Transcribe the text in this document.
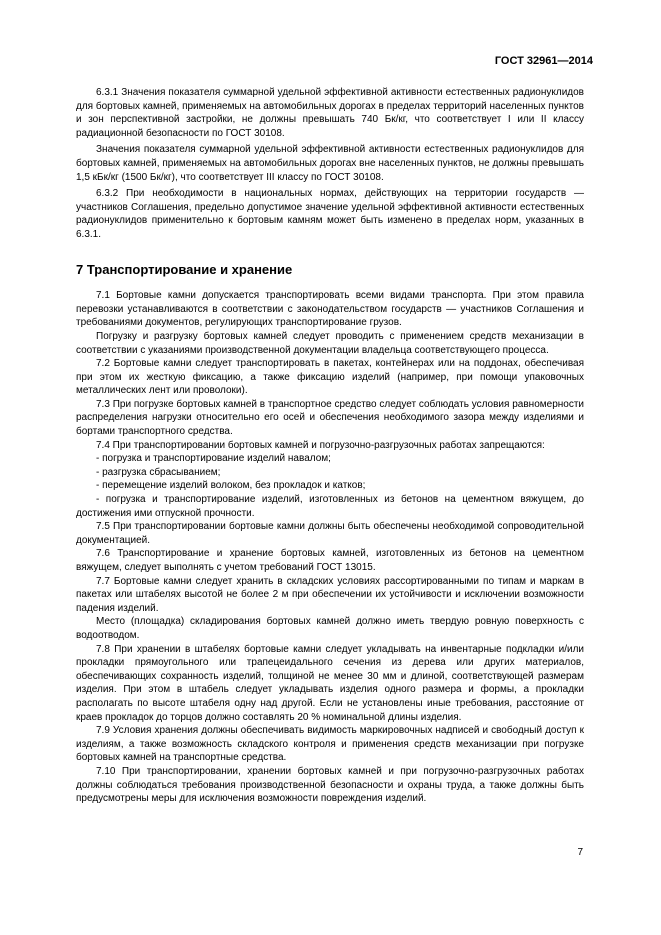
ГОСТ 32961—2014

6.3.1 Значения показателя суммарной удельной эффективной активности естественных радионуклидов для бортовых камней, применяемых на автомобильных дорогах в пределах территорий населенных пунктов и зон перспективной застройки, не должны превышать 740 Бк/кг, что соответствует I или II классу радиационной безопасности по ГОСТ 30108.

Значения показателя суммарной удельной эффективной активности естественных радионуклидов для бортовых камней, применяемых на автомобильных дорогах вне населенных пунктов, не должны превышать 1,5 кБк/кг (1500 Бк/кг), что соответствует III классу по ГОСТ 30108.

6.3.2 При необходимости в национальных нормах, действующих на территории государств — участников Соглашения, предельно допустимое значение удельной эффективной активности естественных радионуклидов применительно к бортовым камням может быть изменено в пределах норм, указанных в 6.3.1.

7 Транспортирование и хранение

7.1 Бортовые камни допускается транспортировать всеми видами транспорта. При этом правила перевозки устанавливаются в соответствии с законодательством государств — участников Соглашения и требованиями документов, регулирующих транспортирование грузов.

Погрузку и разгрузку бортовых камней следует проводить с применением средств механизации в соответствии с указаниями производственной документации владельца соответствующего процесса.

7.2 Бортовые камни следует транспортировать в пакетах, контейнерах или на поддонах, обеспечивая при этом их жесткую фиксацию, а также фиксацию изделий (например, при помощи упаковочных металлических лент или проволоки).

7.3 При погрузке бортовых камней в транспортное средство следует соблюдать условия равномерности распределения нагрузки относительно его осей и обеспечения необходимого зазора между изделиями и бортами транспортного средства.

7.4 При транспортировании бортовых камней и погрузочно-разгрузочных работах запрещаются:

- погрузка и транспортирование изделий навалом;

- разгрузка сбрасыванием;

- перемещение изделий волоком, без прокладок и катков;

- погрузка и транспортирование изделий, изготовленных из бетонов на цементном вяжущем, до достижения ими отпускной прочности.

7.5 При транспортировании бортовые камни должны быть обеспечены необходимой сопроводительной документацией.

7.6 Транспортирование и хранение бортовых камней, изготовленных из бетонов на цементном вяжущем, следует выполнять с учетом требований ГОСТ 13015.

7.7 Бортовые камни следует хранить в складских условиях рассортированными по типам и маркам в пакетах или штабелях высотой не более 2 м при обеспечении их устойчивости и исключении возможности падения изделий.

Место (площадка) складирования бортовых камней должно иметь твердую ровную поверхность с водоотводом.

7.8 При хранении в штабелях бортовые камни следует укладывать на инвентарные подкладки и/или прокладки прямоугольного или трапецеидального сечения из дерева или других материалов, обеспечивающих сохранность изделий, толщиной не менее 30 мм и длиной, соответствующей размерам изделия. При этом в штабель следует укладывать изделия одного размера и формы, а прокладки располагать по высоте штабеля одну над другой. Если не установлены иные требования, расстояние от краев прокладок до торцов должно составлять 20 % номинальной длины изделия.

7.9 Условия хранения должны обеспечивать видимость маркировочных надписей и свободный доступ к изделиям, а также возможность складского контроля и применения средств механизации при погрузке бортовых камней на транспортные средства.

7.10 При транспортировании, хранении бортовых камней и при погрузочно-разгрузочных работах должны соблюдаться требования производственной безопасности и охраны труда, а также должны быть предусмотрены меры для исключения возможности повреждения изделий.

7
